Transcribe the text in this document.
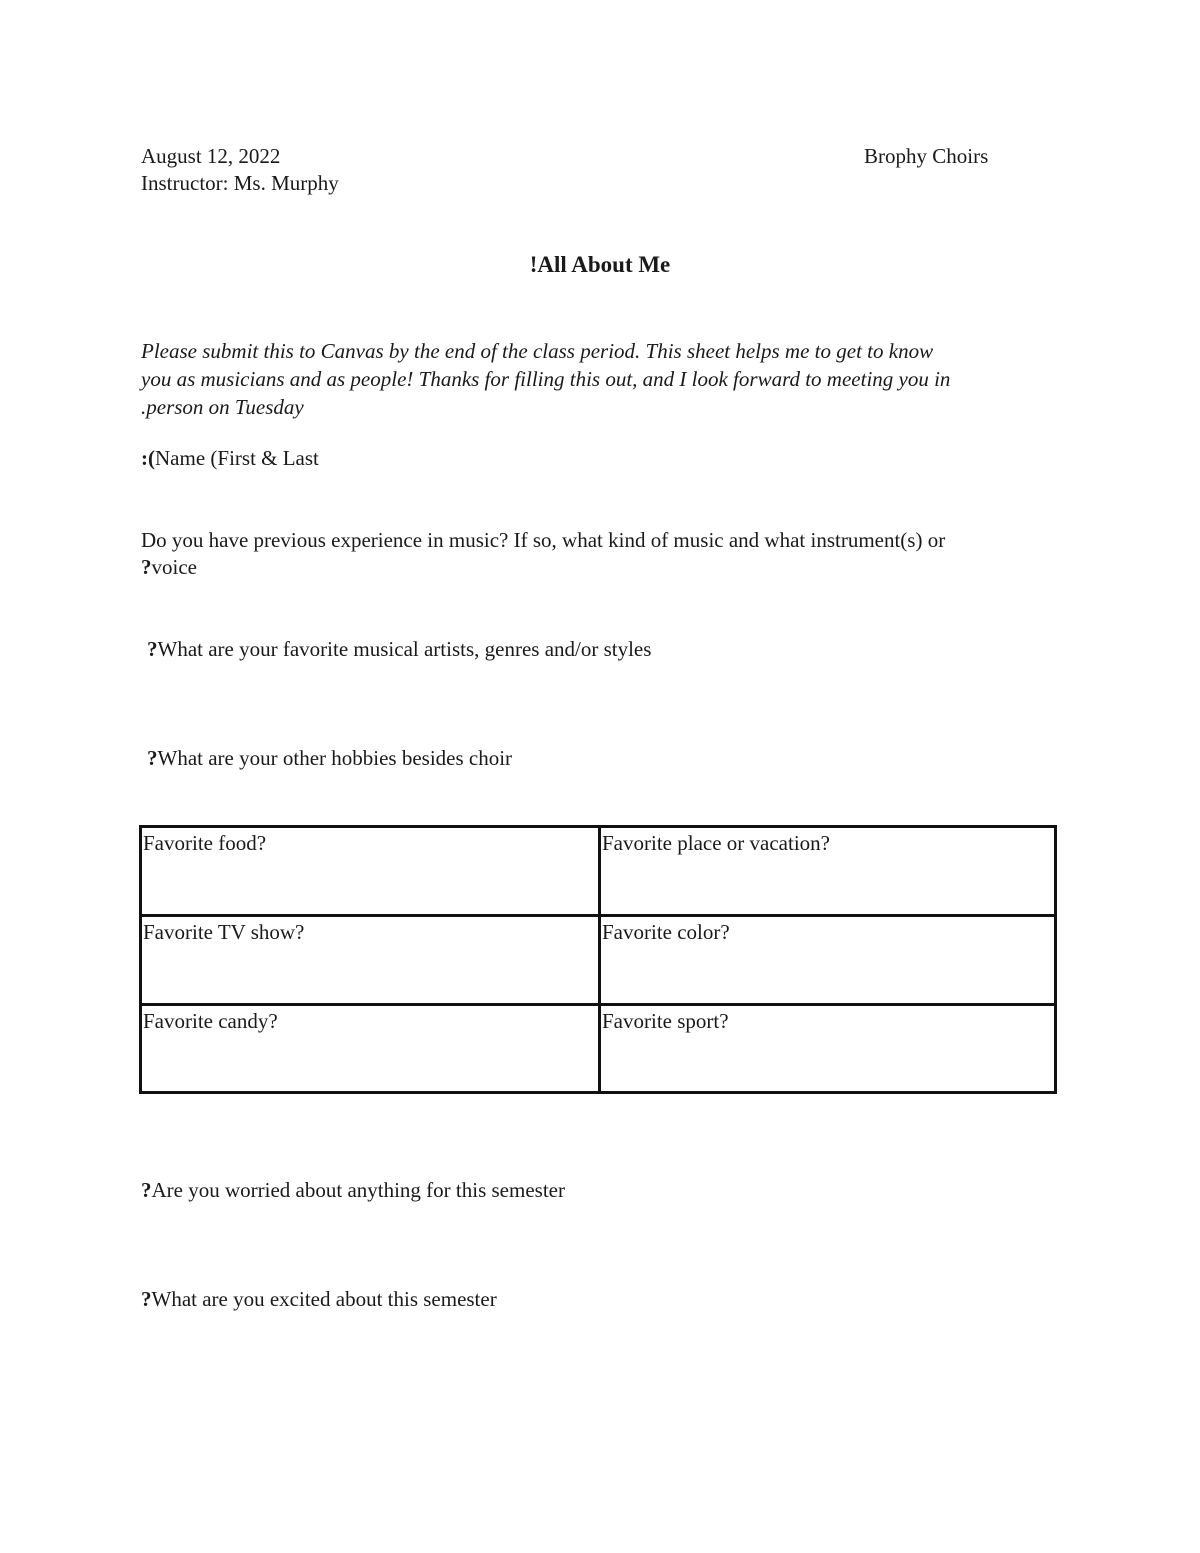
August 12, 2022
Instructor: Ms. Murphy
Brophy Choirs
!All About Me
Please submit this to Canvas by the end of the class period. This sheet helps me to get to know
you as musicians and as people! Thanks for filling this out, and I look forward to meeting you in
.person on Tuesday
:(Name (First & Last
Do you have previous experience in music? If so, what kind of music and what instrument(s) or
?voice
?What are your favorite musical artists, genres and/or styles
?What are your other hobbies besides choir
Favorite food?	Favorite place or vacation?
Favorite TV show?	Favorite color?
Favorite candy?	Favorite sport?
?Are you worried about anything for this semester
?What are you excited about this semester
